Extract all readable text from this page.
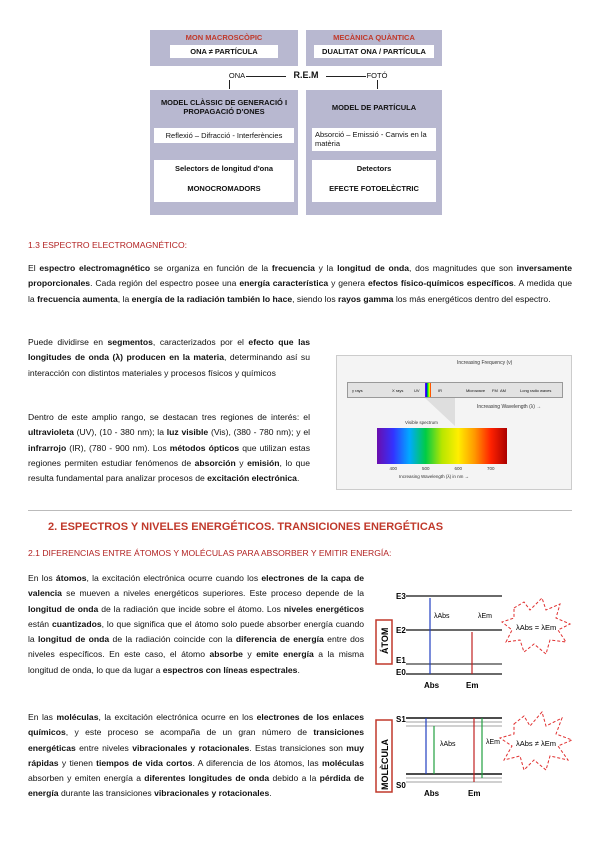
MON MACROSCÒPIC	MECÀNICA QUÀNTICA
ONA ≠ PARTÍCULA	DUALITAT ONA / PARTÍCULA
ONA	R.E.M	FOTÓ
MODEL CLÀSSIC DE GENERACIÓ I PROPAGACIÓ D'ONES	MODEL DE PARTÍCULA
Reflexió – Difracció - Interferències	Absorció – Emissió - Canvis en la matèria
Selectors de longitud d'ona
MONOCROMADORS
Detectors
EFECTE FOTOELÈCTRIC
1.3 ESPECTRO ELECTROMAGNÉTICO:

El espectro electromagnético se organiza en función de la frecuencia y la longitud de onda, dos magnitudes que son inversamente proporcionales. Cada región del espectro posee una energía característica y genera efectos físico-químicos específicos. A medida que la frecuencia aumenta, la energía de la radiación también lo hace, siendo los rayos gamma los más energéticos dentro del espectro.

Puede dividirse en segmentos, caracterizados por el efecto que las longitudes de onda (λ) producen en la materia, determinando así su interacción con distintos materiales y procesos físicos y químicos

Dentro de este amplio rango, se destacan tres regiones de interés: el ultravioleta (UV), (10 - 380 nm); la luz visible (Vis), (380 - 780 nm); y el infrarrojo (IR), (780 - 900 nm). Los métodos ópticos que utilizan estas regiones permiten estudiar fenómenos de absorción y emisión, lo que resulta fundamental para analizar procesos de excitación electrónica.

Increasing Frequency (ν)
γ rays	X rays	UV	IR	Microwave FM AM	Long radio waves
Increasing Wavelength (λ) →
Visible spectrum
400	500	600	700
Increasing Wavelength (λ) in nm →
2. ESPECTROS Y NIVELES ENERGÉTICOS. TRANSICIONES ENERGÉTICAS
2.1 DIFERENCIAS ENTRE ÁTOMOS Y MOLÉCULAS PARA ABSORBER Y EMITIR ENERGÍA:

En los átomos, la excitación electrónica ocurre cuando los electrones de la capa de valencia se mueven a niveles energéticos superiores. Este proceso depende de la longitud de onda de la radiación que incide sobre el átomo. Los niveles energéticos están cuantizados, lo que significa que el átomo solo puede absorber energía cuando la longitud de onda de la radiación coincide con la diferencia de energía entre dos niveles específicos. En este caso, el átomo absorbe y emite energía a la misma longitud de onda, lo que da lugar a espectros con líneas espectrales.

En las moléculas, la excitación electrónica ocurre en los electrones de los enlaces químicos, y este proceso se acompaña de un gran número de transiciones energéticas entre niveles vibracionales y rotacionales. Estas transiciones son muy rápidas y tienen tiempos de vida cortos. A diferencia de los átomos, las moléculas absorben y emiten energía a diferentes longitudes de onda debido a la pérdida de energía durante las transiciones vibracionales y rotacionales.

ÁTOM
E3
E2
E1
E0
λAbs	λEm
Abs	Em
λAbs = λEm
MOLÈCULA
S1
S0
λAbs	λEm
Abs	Em
λAbs ≠ λEm
